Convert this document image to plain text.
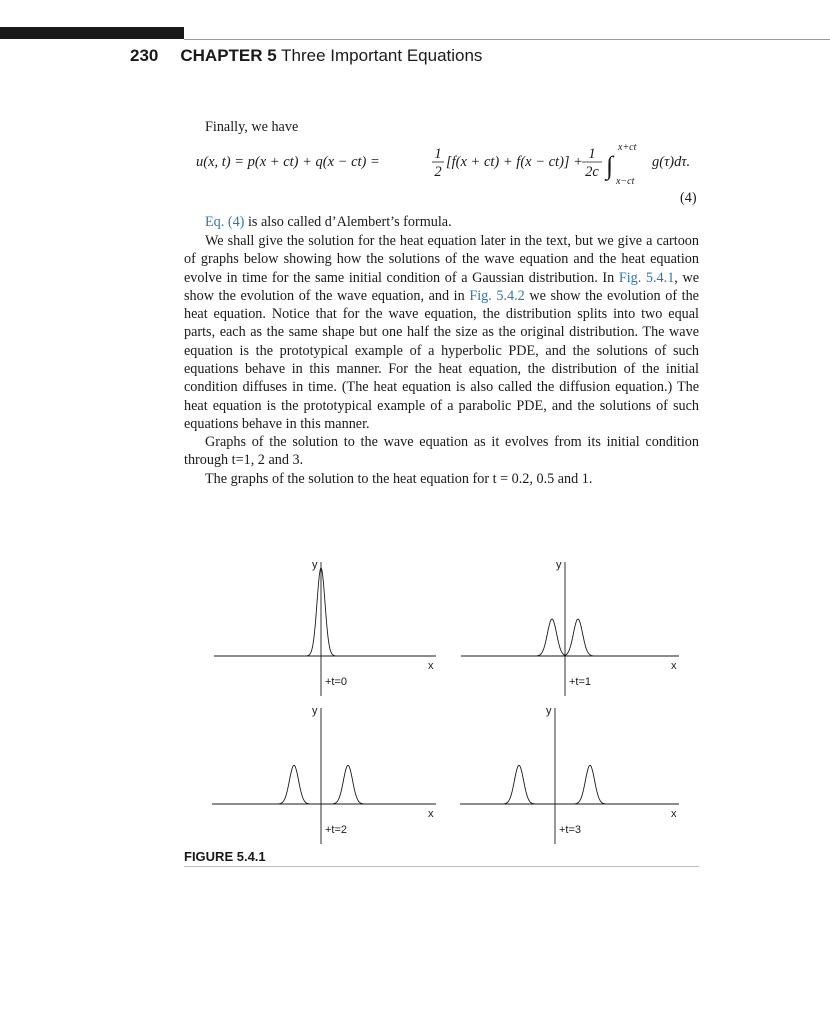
230 CHAPTER 5 Three Important Equations
Finally, we have
u(x, t) = p(x + ct) + q(x − ct) =	1
2
[f(x + ct) + f(x − ct)] + 1
2c ∫
x+ct
x−ct
g(τ)dτ.
(4)
Eq. (4) is also called d’Alembert’s formula.
We shall give the solution for the heat equation later in the text, but we give a cartoon of graphs below showing how the solutions of the wave equation and the heat equation evolve in time for the same initial condition of a Gaussian distribution. In Fig. 5.4.1, we show the evolution of the wave equation, and in Fig. 5.4.2 we show the evolution of the heat equation. Notice that for the wave equation, the distribution splits into two equal parts, each as the same shape but one half the size as the original distribution. The wave equation is the prototypical example of a hyperbolic PDE, and the solutions of such equations behave in this manner. For the heat equation, the distribution of the initial condition diffuses in time. (The heat equation is also called the diffusion equation.) The heat equation is the prototypical example of a parabolic PDE, and the solutions of such equations behave in this manner.
Graphs of the solution to the wave equation as it evolves from its initial condition through t=1, 2 and 3.
The graphs of the solution to the heat equation for t = 0.2, 0.5 and 1.
y
x
+t=0
y
x
+t=1
y
x
+t=2
y
x
+t=3
FIGURE 5.4.1
